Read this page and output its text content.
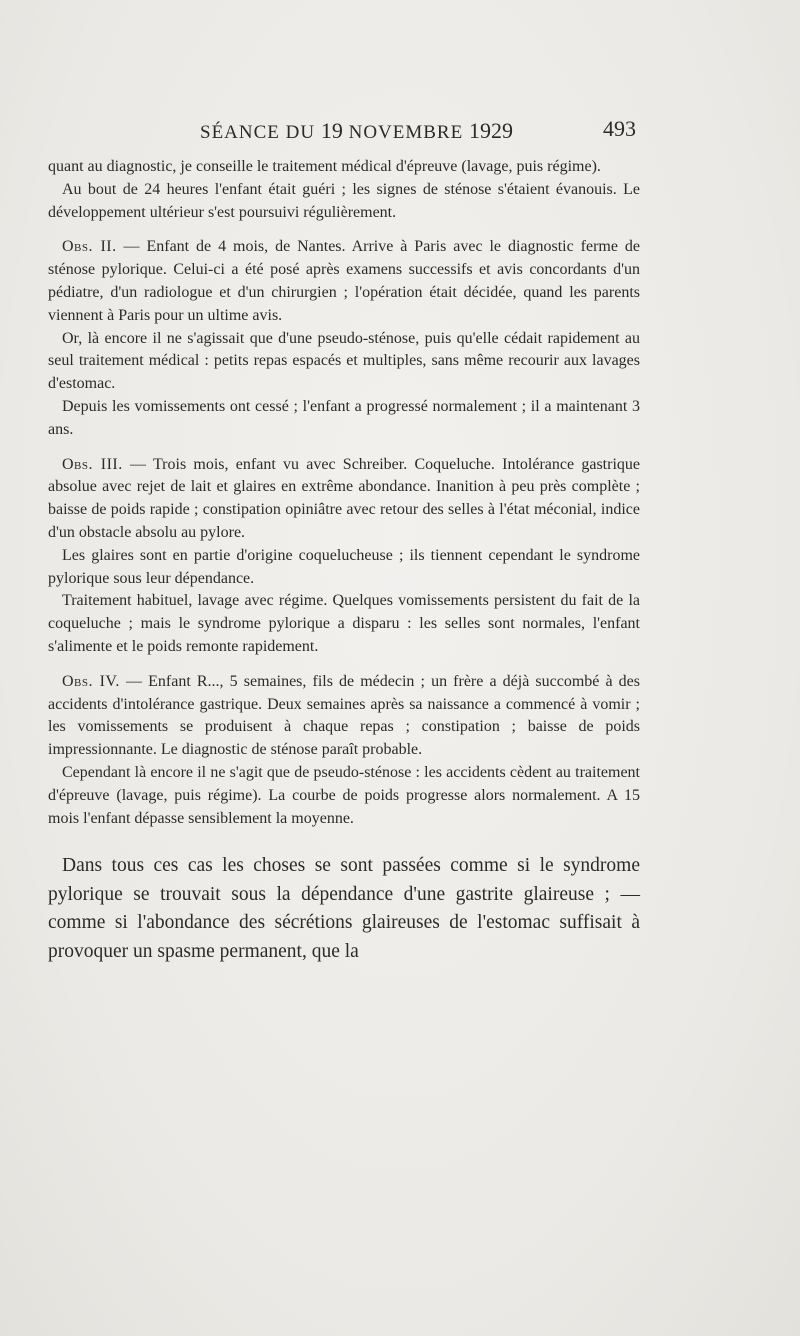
SÉANCE DU 19 NOVEMBRE 1929	493

quant au diagnostic, je conseille le traitement médical d'épreuve (lavage, puis régime).

Au bout de 24 heures l'enfant était guéri ; les signes de sténose s'étaient évanouis. Le développement ultérieur s'est poursuivi régulièrement.

Obs. II. — Enfant de 4 mois, de Nantes. Arrive à Paris avec le diagnostic ferme de sténose pylorique. Celui-ci a été posé après examens successifs et avis concordants d'un pédiatre, d'un radiologue et d'un chirurgien ; l'opération était décidée, quand les parents viennent à Paris pour un ultime avis.

Or, là encore il ne s'agissait que d'une pseudo-sténose, puis qu'elle cédait rapidement au seul traitement médical : petits repas espacés et multiples, sans même recourir aux lavages d'estomac.

Depuis les vomissements ont cessé ; l'enfant a progressé normalement ; il a maintenant 3 ans.

Obs. III. — Trois mois, enfant vu avec Schreiber. Coqueluche. Intolérance gastrique absolue avec rejet de lait et glaires en extrême abondance. Inanition à peu près complète ; baisse de poids rapide ; constipation opiniâtre avec retour des selles à l'état méconial, indice d'un obstacle absolu au pylore.

Les glaires sont en partie d'origine coquelucheuse ; ils tiennent cependant le syndrome pylorique sous leur dépendance.

Traitement habituel, lavage avec régime. Quelques vomissements persistent du fait de la coqueluche ; mais le syndrome pylorique a disparu : les selles sont normales, l'enfant s'alimente et le poids remonte rapidement.

Obs. IV. — Enfant R..., 5 semaines, fils de médecin ; un frère a déjà succombé à des accidents d'intolérance gastrique. Deux semaines après sa naissance a commencé à vomir ; les vomissements se produisent à chaque repas ; constipation ; baisse de poids impressionnante. Le diagnostic de sténose paraît probable.

Cependant là encore il ne s'agit que de pseudo-sténose : les accidents cèdent au traitement d'épreuve (lavage, puis régime). La courbe de poids progresse alors normalement. A 15 mois l'enfant dépasse sensiblement la moyenne.

Dans tous ces cas les choses se sont passées comme si le syndrome pylorique se trouvait sous la dépendance d'une gastrite glaireuse ; — comme si l'abondance des sécrétions glaireuses de l'estomac suffisait à provoquer un spasme permanent, que la
